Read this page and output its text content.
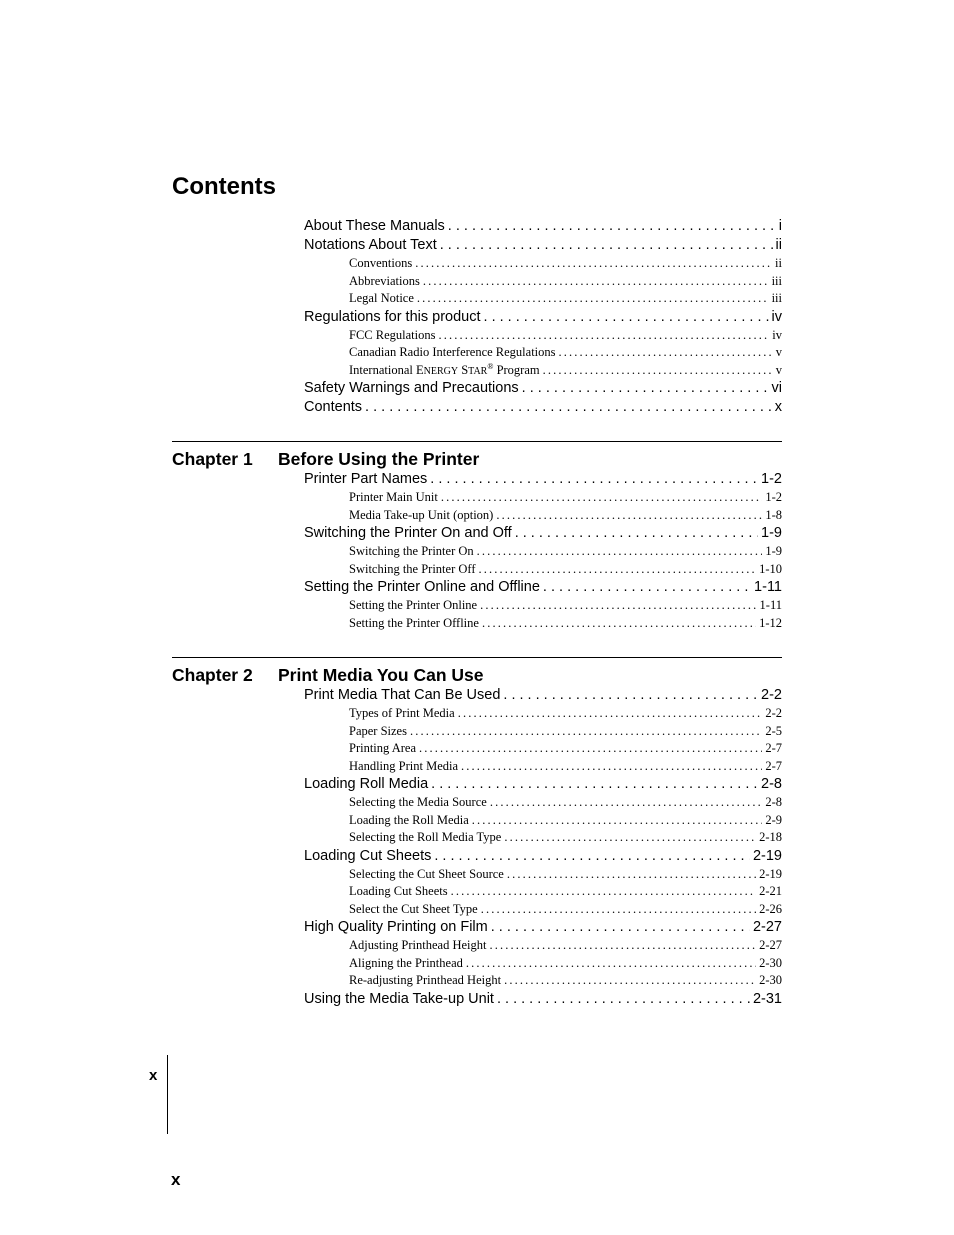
Contents
About These Manuals . . .	i
Notations About Text . . .	ii
Conventions . . .	ii
Abbreviations . . .	iii
Legal Notice . . .	iii
Regulations for this product . . .	iv
FCC Regulations . . .	iv
Canadian Radio Interference Regulations . . .	v
International ENERGY STAR® Program . . .	v
Safety Warnings and Precautions . . .	vi
Contents . . .	x
Chapter 1 Before Using the Printer
Printer Part Names . . .	1-2
Printer Main Unit . . .	1-2
Media Take-up Unit (option) . . .	1-8
Switching the Printer On and Off . . .	1-9
Switching the Printer On . . .	1-9
Switching the Printer Off . . .	1-10
Setting the Printer Online and Offline . . .	1-11
Setting the Printer Online . . .	1-11
Setting the Printer Offline . . .	1-12
Chapter 2 Print Media You Can Use
Print Media That Can Be Used . . .	2-2
Types of Print Media . . .	2-2
Paper Sizes . . .	2-5
Printing Area . . .	2-7
Handling Print Media . . .	2-7
Loading Roll Media . . .	2-8
Selecting the Media Source . . .	2-8
Loading the Roll Media . . .	2-9
Selecting the Roll Media Type . . .	2-18
Loading Cut Sheets . . .	2-19
Selecting the Cut Sheet Source . . .	2-19
Loading Cut Sheets . . .	2-21
Select the Cut Sheet Type . . .	2-26
High Quality Printing on Film . . .	2-27
Adjusting Printhead Height . . .	2-27
Aligning the Printhead . . .	2-30
Re-adjusting Printhead Height . . .	2-30
Using the Media Take-up Unit . . .	2-31
x
x
